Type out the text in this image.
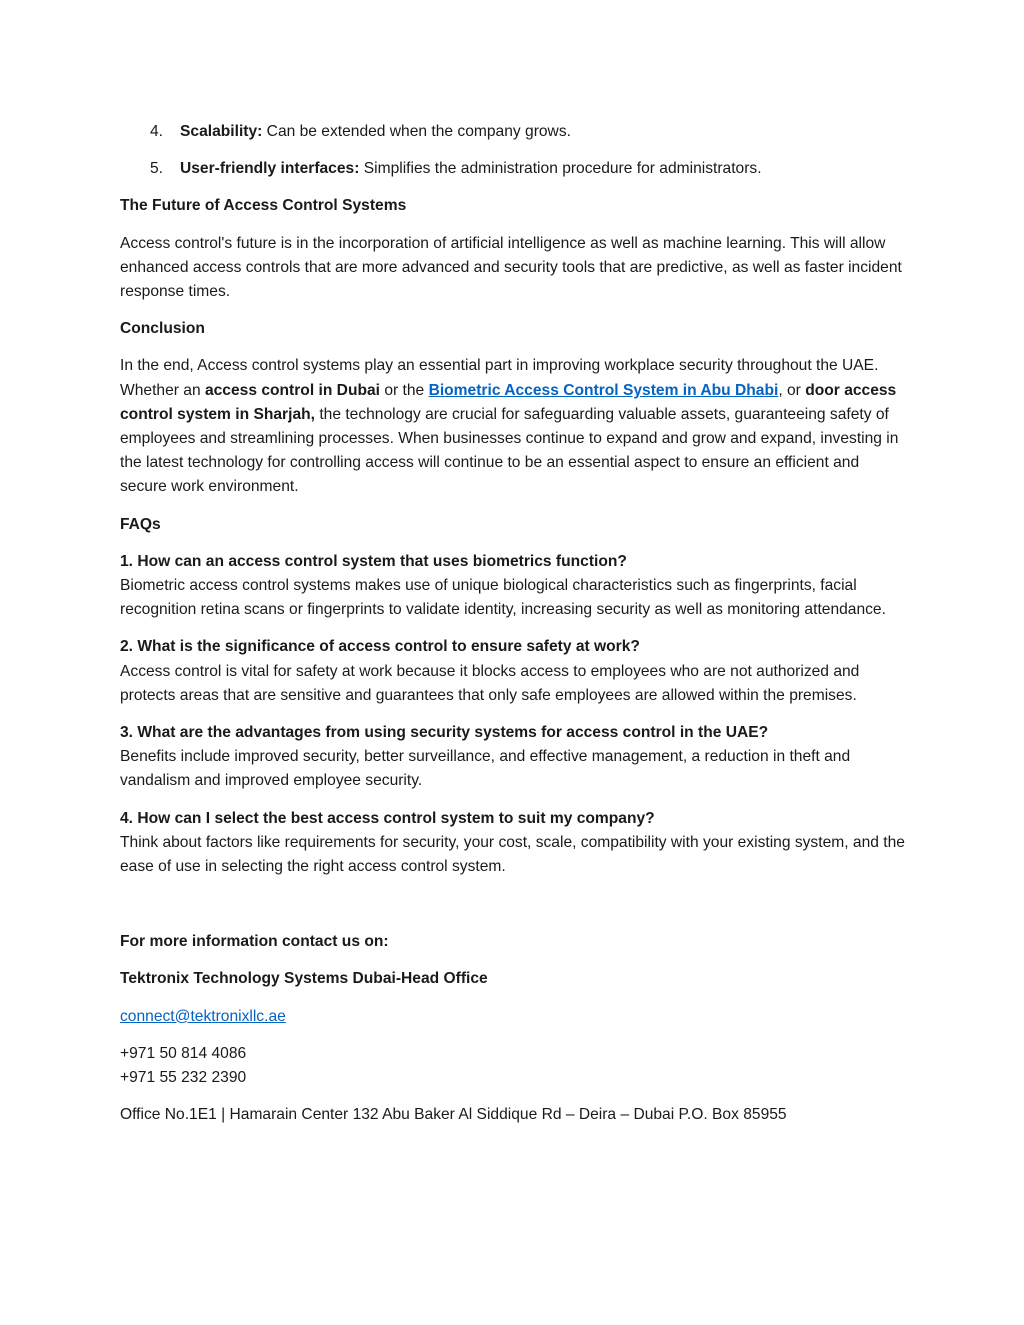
4. Scalability: Can be extended when the company grows.

5. User-friendly interfaces: Simplifies the administration procedure for administrators.

The Future of Access Control Systems

Access control's future is in the incorporation of artificial intelligence as well as machine learning. This will allow enhanced access controls that are more advanced and security tools that are predictive, as well as faster incident response times.

Conclusion

In the end, Access control systems play an essential part in improving workplace security throughout the UAE. Whether an access control in Dubai or the Biometric Access Control System in Abu Dhabi, or door access control system in Sharjah, the technology are crucial for safeguarding valuable assets, guaranteeing safety of employees and streamlining processes. When businesses continue to expand and grow and expand, investing in the latest technology for controlling access will continue to be an essential aspect to ensure an efficient and secure work environment.

FAQs

1. How can an access control system that uses biometrics function?

Biometric access control systems makes use of unique biological characteristics such as fingerprints, facial recognition retina scans or fingerprints to validate identity, increasing security as well as monitoring attendance.

2. What is the significance of access control to ensure safety at work?

Access control is vital for safety at work because it blocks access to employees who are not authorized and protects areas that are sensitive and guarantees that only safe employees are allowed within the premises.

3. What are the advantages from using security systems for access control in the UAE?

Benefits include improved security, better surveillance, and effective management, a reduction in theft and vandalism and improved employee security.

4. How can I select the best access control system to suit my company?

Think about factors like requirements for security, your cost, scale, compatibility with your existing system, and the ease of use in selecting the right access control system.

For more information contact us on:

Tektronix Technology Systems Dubai-Head Office

connect@tektronixllc.ae

+971 50 814 4086

+971 55 232 2390

Office No.1E1 | Hamarain Center 132 Abu Baker Al Siddique Rd – Deira – Dubai P.O. Box 85955
